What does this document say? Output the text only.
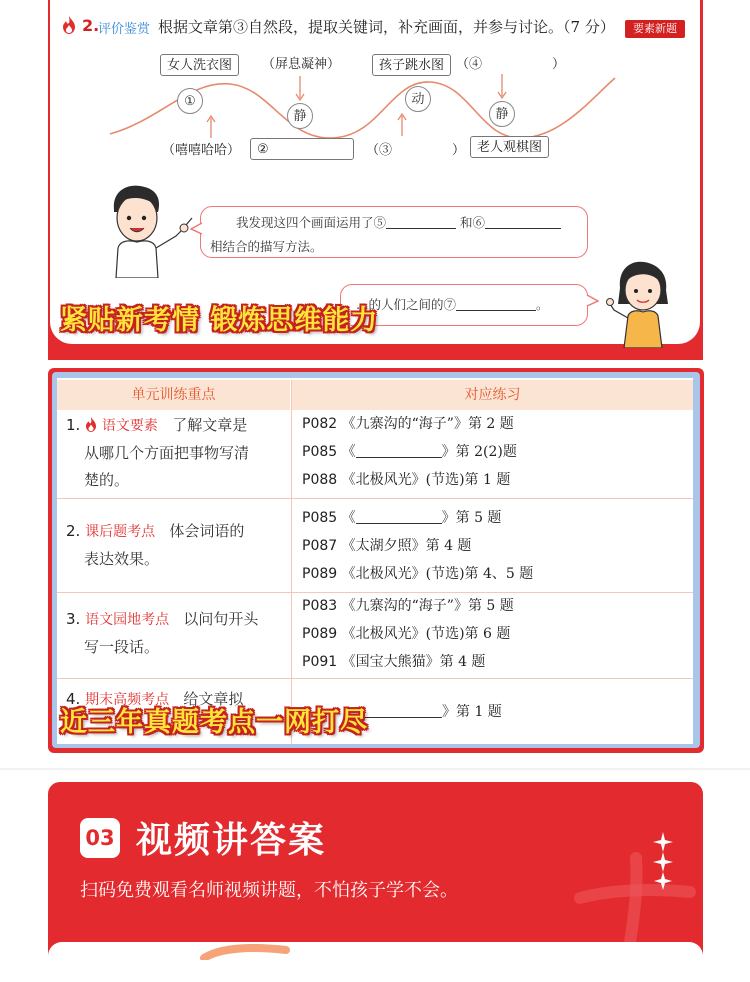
2.
评价鉴赏 根据文章第③自然段，提取关键词，补充画面，并参与讨论。（7 分）	要素新题
女人洗衣图	（屏息凝神）	孩子跳水图 （④	）
①
静
动
静
（嘻嘻哈哈）	②	（③	） 老人观棋图
我发现这四个画面运用了⑤	和⑥
相结合的描写方法。
…的人们之间的⑦	。
紧贴新考情 锻炼思维能力
单元训练重点	对应练习
1. 语文要素 了解文章是
从哪几个方面把事物写清
楚的。
P082 《九寨沟的“海子”》第 2 题
P085 《	》第 2(2)题
P088 《北极风光》(节选)第 1 题
2. 课后题考点 体会词语的
表达效果。
P085 《	》第 5 题
P087 《太湖夕照》第 4 题
P089 《北极风光》(节选)第 4、5 题
3. 语文园地考点 以问句开头
写一段话。
P083 《九寨沟的“海子”》第 5 题
P089 《北极风光》(节选)第 6 题
P091 《国宝大熊猫》第 4 题
4. 期末高频考点 给文章拟
》第 1 题
近三年真题考点一网打尽
03 视频讲答案
扫码免费观看名师视频讲题，不怕孩子学不会。
